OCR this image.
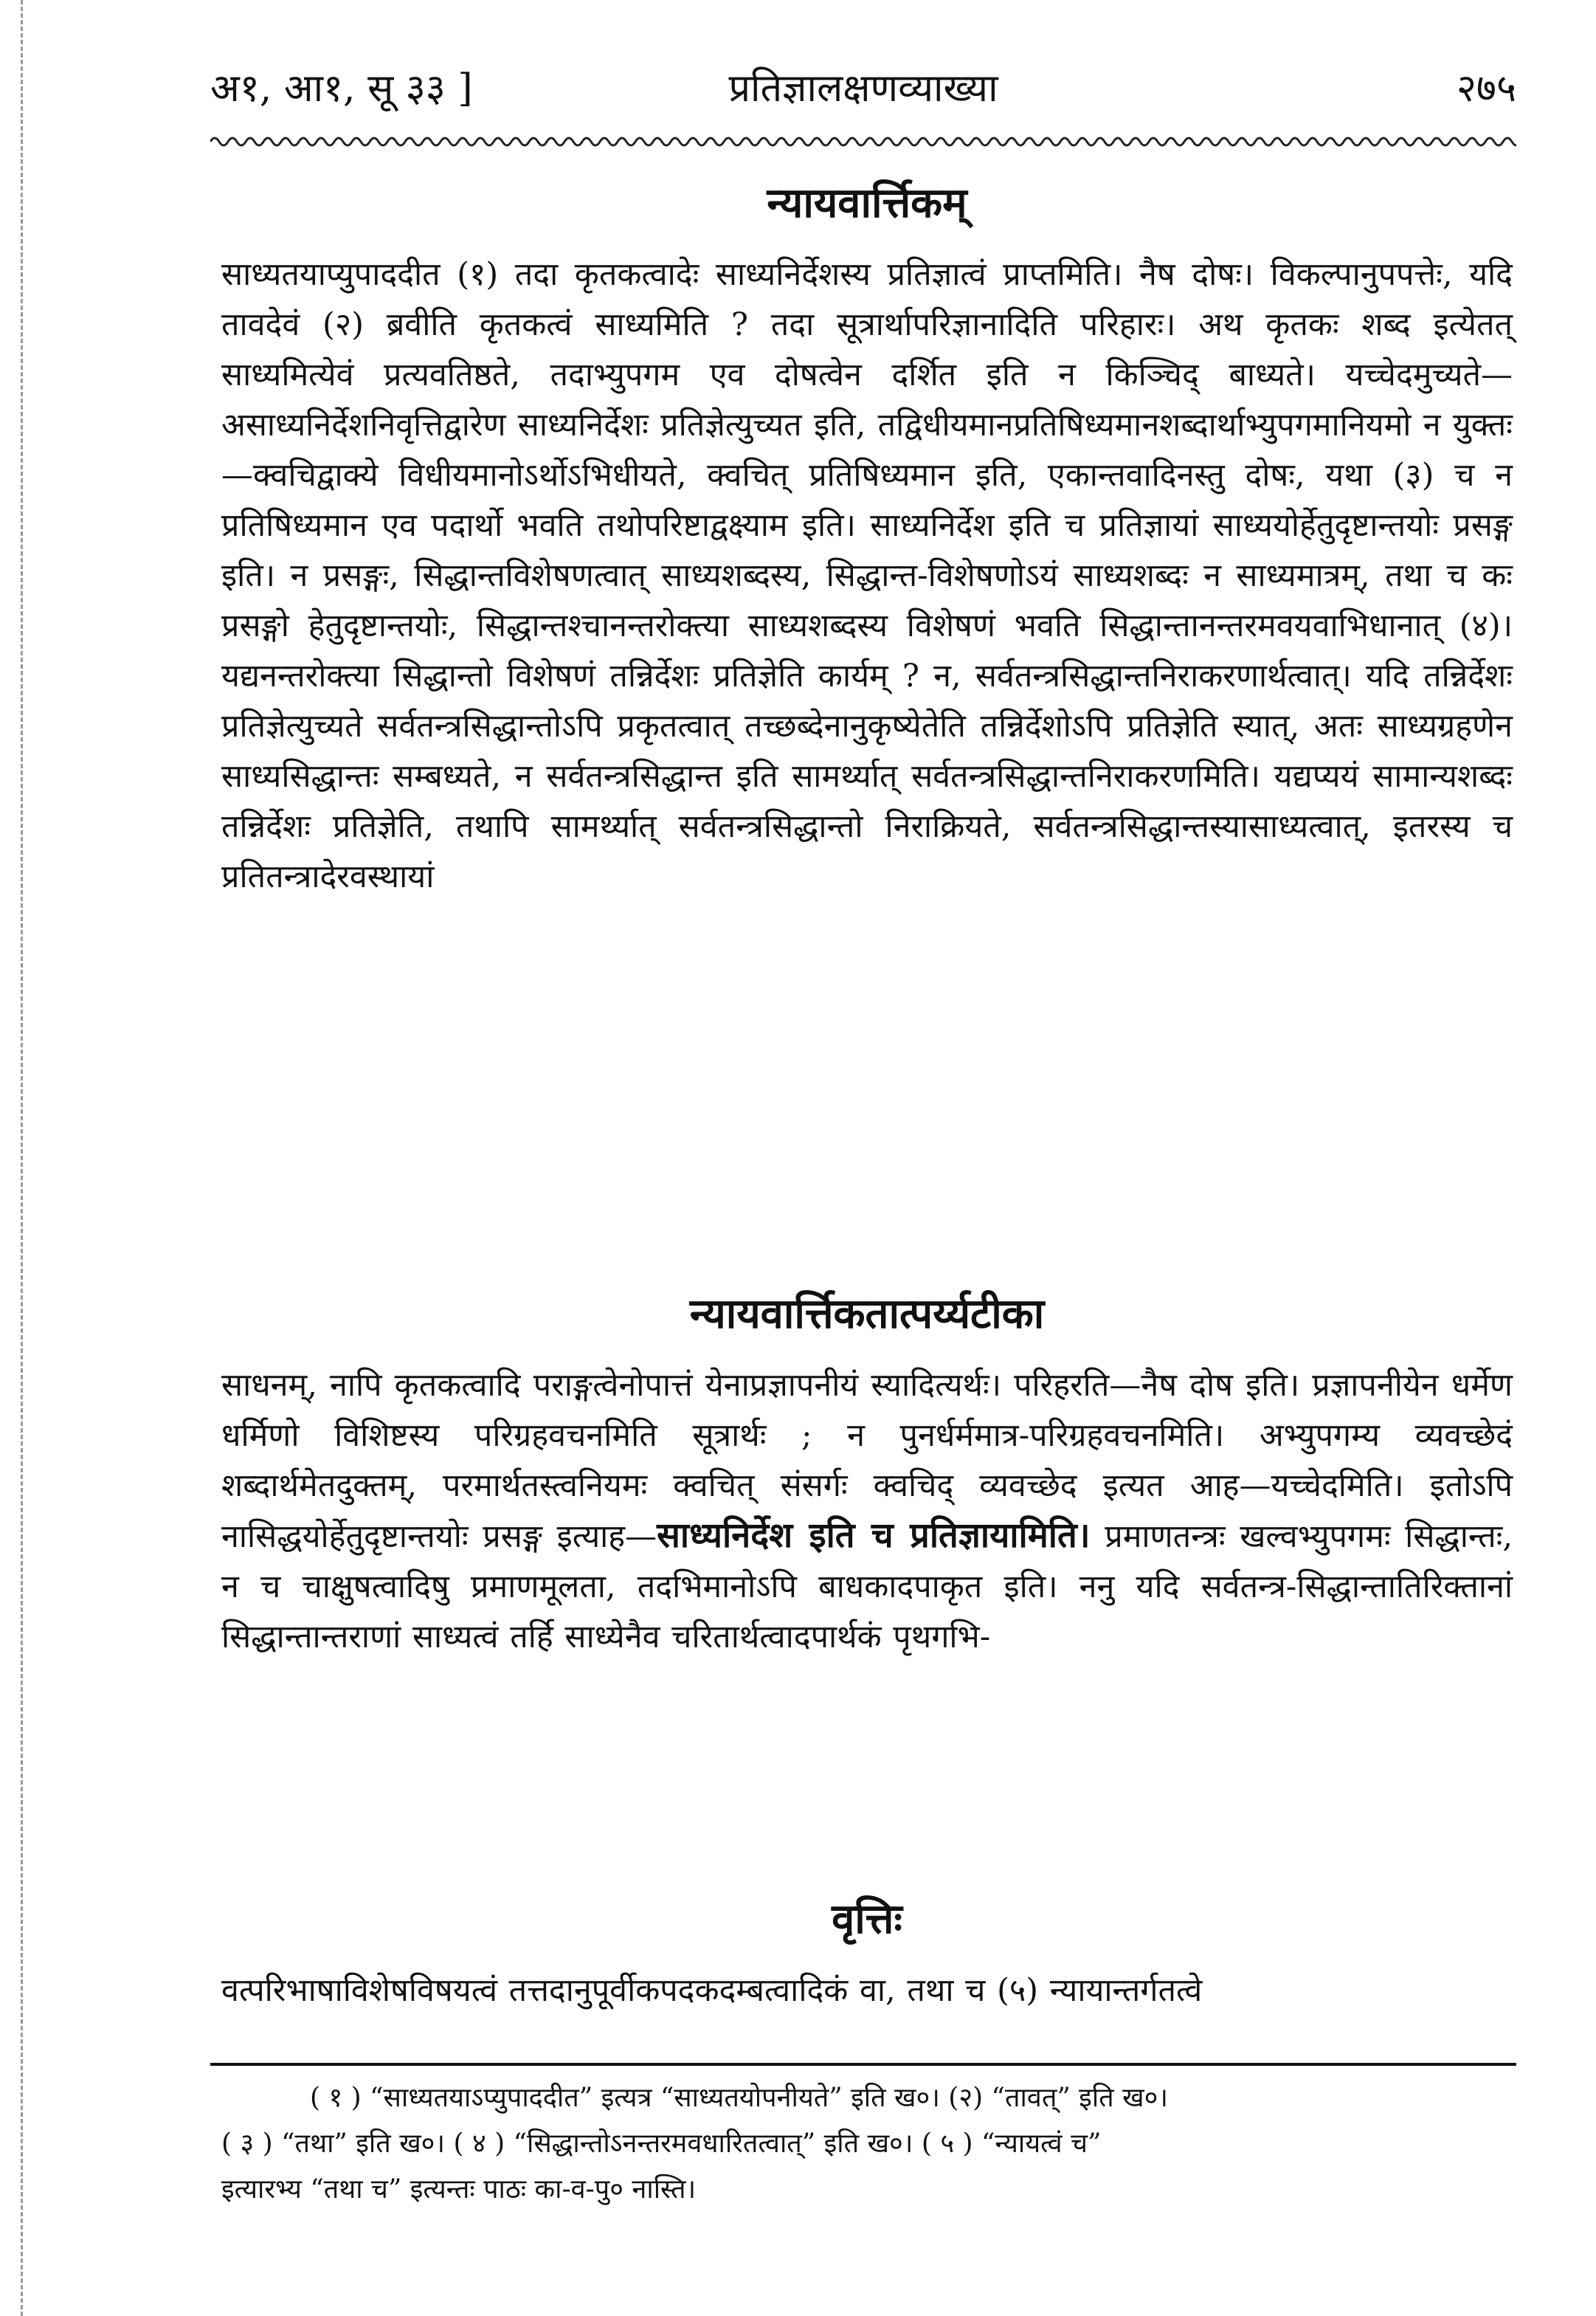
अ१, आ१, सू ३३ ]	प्रतिज्ञालक्षणव्याख्या	२७५
न्यायवार्त्तिकम्
साध्यतयाप्युपाददीत (१) तदा कृतकत्वादेः साध्यनिर्देशस्य प्रतिज्ञात्वं प्राप्तमिति। नैष दोषः। विकल्पानुपपत्तेः, यदि तावदेवं (२) ब्रवीति कृतकत्वं साध्यमिति ? तदा सूत्रार्थापरिज्ञानादिति परिहारः। अथ कृतकः शब्द इत्येतत् साध्यमित्येवं प्रत्यवतिष्ठते, तदाभ्युपगम एव दोषत्वेन दर्शित इति न किञ्चिद् बाध्यते। यच्चेदमुच्यते—असाध्यनिर्देशनिवृत्तिद्वारेण साध्यनिर्देशः प्रतिज्ञेत्युच्यत इति, तद्विधीयमानप्रतिषिध्यमानशब्दार्थाभ्युपगमानियमो न युक्तः—क्वचिद्वाक्ये विधीयमानोऽर्थोऽभिधीयते, क्वचित् प्रतिषिध्यमान इति, एकान्तवादिनस्तु दोषः, यथा (३) च न प्रतिषिध्यमान एव पदार्थो भवति तथोपरिष्टाद्वक्ष्याम इति। साध्यनिर्देश इति च प्रतिज्ञायां साध्ययोर्हेतुदृष्टान्तयोः प्रसङ्ग इति। न प्रसङ्गः, सिद्धान्तविशेषणत्वात् साध्यशब्दस्य, सिद्धान्त-विशेषणोऽयं साध्यशब्दः न साध्यमात्रम्, तथा च कः प्रसङ्गो हेतुदृष्टान्तयोः, सिद्धान्तश्चानन्तरोक्त्या साध्यशब्दस्य विशेषणं भवति सिद्धान्तानन्तरमवयवाभिधानात् (४)। यद्यनन्तरोक्त्या सिद्धान्तो विशेषणं तन्निर्देशः प्रतिज्ञेति कार्यम् ? न, सर्वतन्त्रसिद्धान्तनिराकरणार्थत्वात्। यदि तन्निर्देशः प्रतिज्ञेत्युच्यते सर्वतन्त्रसिद्धान्तोऽपि प्रकृतत्वात् तच्छब्देनानुकृष्येतेति तन्निर्देशोऽपि प्रतिज्ञेति स्यात्, अतः साध्यग्रहणेन साध्यसिद्धान्तः सम्बध्यते, न सर्वतन्त्रसिद्धान्त इति सामर्थ्यात् सर्वतन्त्रसिद्धान्तनिराकरणमिति। यद्यप्ययं सामान्यशब्दः तन्निर्देशः प्रतिज्ञेति, तथापि सामर्थ्यात् सर्वतन्त्रसिद्धान्तो निराक्रियते, सर्वतन्त्रसिद्धान्तस्यासाध्यत्वात्, इतरस्य च प्रतितन्त्रादेरवस्थायां
न्यायवार्त्तिकतात्पर्य्यटीका
साधनम्, नापि कृतकत्वादि पराङ्गत्वेनोपात्तं येनाप्रज्ञापनीयं स्यादित्यर्थः। परिहरति—नैष दोष इति। प्रज्ञापनीयेन धर्मेण धर्मिणो विशिष्टस्य परिग्रहवचनमिति सूत्रार्थः ; न पुनर्धर्ममात्र-परिग्रहवचनमिति। अभ्युपगम्य व्यवच्छेदं शब्दार्थमेतदुक्तम्, परमार्थतस्त्वनियमः क्वचित् संसर्गः क्वचिद् व्यवच्छेद इत्यत आह—यच्चेदमिति। इतोऽपि नासिद्धयोर्हेतुदृष्टान्तयोः प्रसङ्ग इत्याह—साध्यनिर्देश इति च प्रतिज्ञायामिति। प्रमाणतन्त्रः खल्वभ्युपगमः सिद्धान्तः, न च चाक्षुषत्वादिषु प्रमाणमूलता, तदभिमानोऽपि बाधकादपाकृत इति। ननु यदि सर्वतन्त्र-सिद्धान्तातिरिक्तानां सिद्धान्तान्तराणां साध्यत्वं तर्हि साध्येनैव चरितार्थत्वादपार्थकं पृथगभि-
वृत्तिः
वत्परिभाषाविशेषविषयत्वं तत्तदानुपूर्वीकपदकदम्बत्वादिकं वा, तथा च (५) न्यायान्तर्गतत्वे
( १ ) “साध्यतयाऽप्युपाददीत” इत्यत्र “साध्यतयोपनीयते” इति ख०। (२) “तावत्” इति ख०।
( ३ ) “तथा” इति ख०। ( ४ ) “सिद्धान्तोऽनन्तरमवधारितत्वात्” इति ख०। ( ५ ) “न्यायत्वं च”
इत्यारभ्य “तथा च” इत्यन्तः पाठः का-व-पु० नास्ति।
